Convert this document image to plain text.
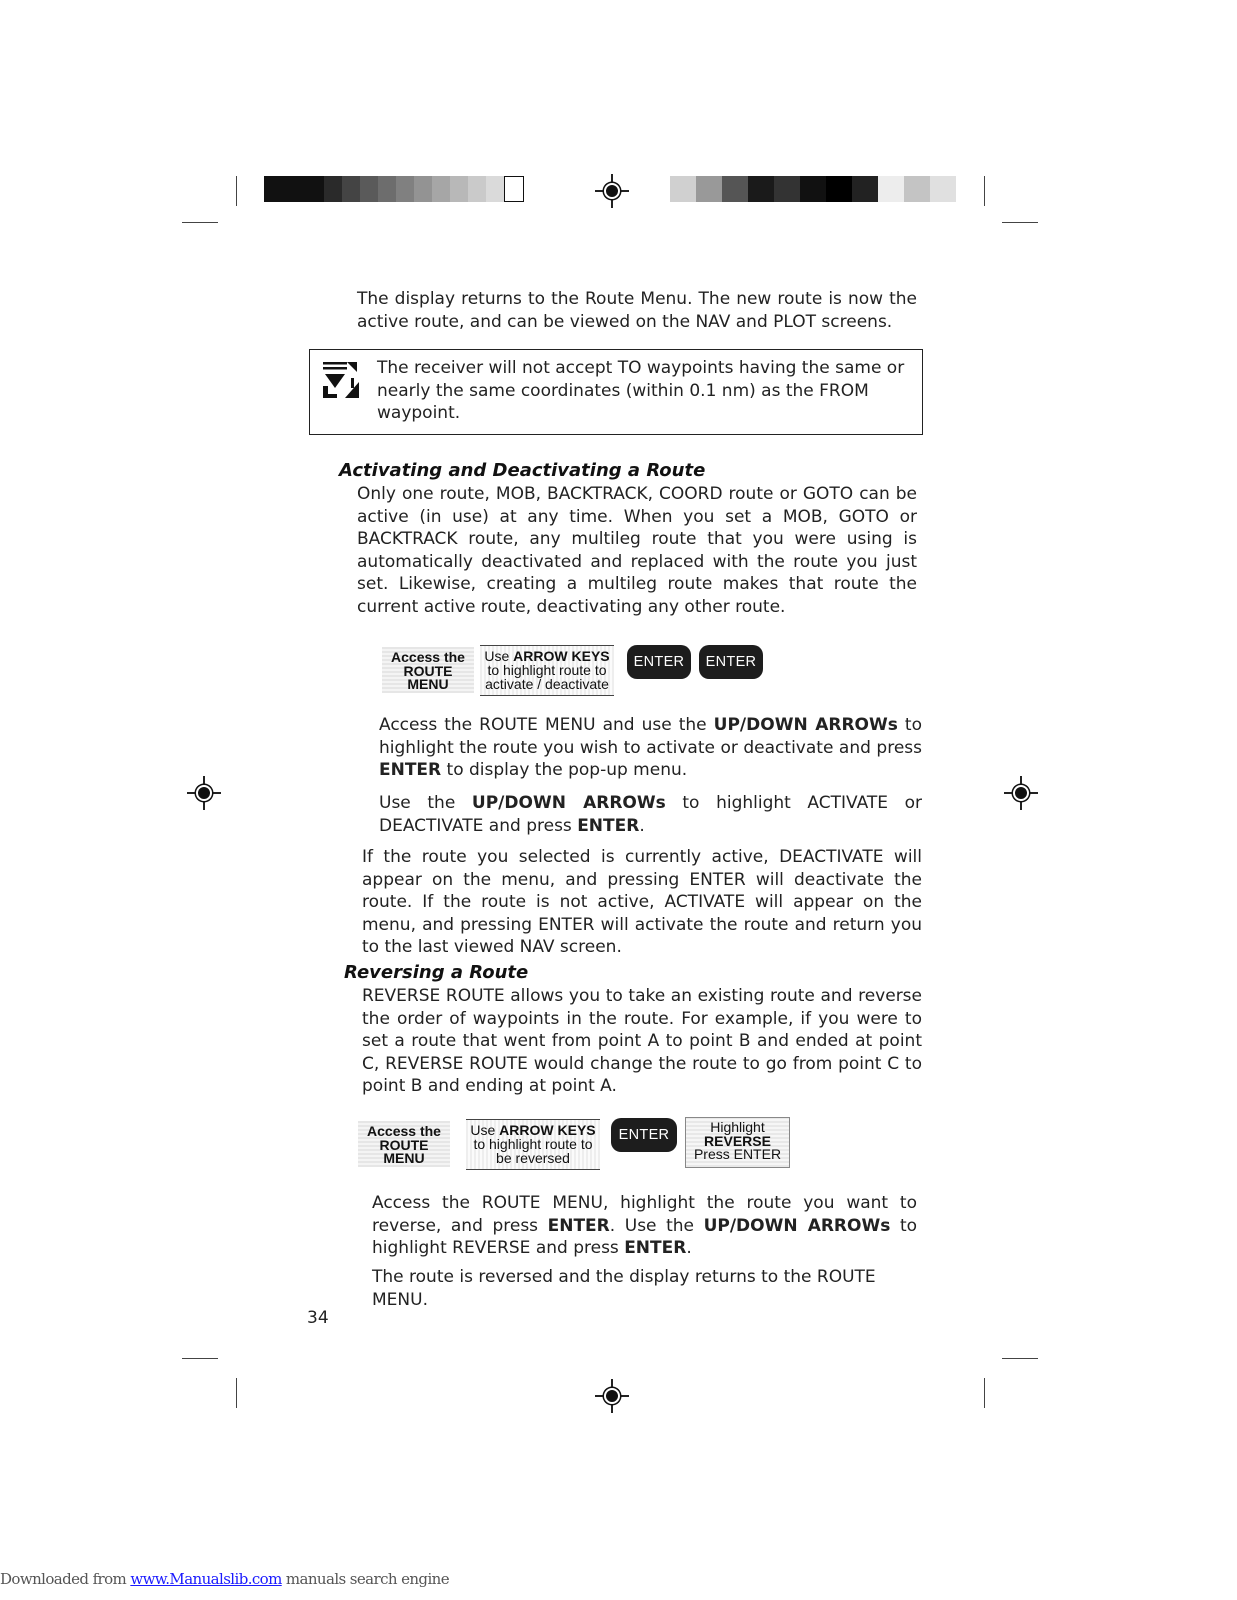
The display returns to the Route Menu. The new route is now the active route, and can be viewed on the NAV and PLOT screens.

The receiver will not accept TO waypoints having the same or nearly the same coordinates (within 0.1 nm) as the FROM waypoint.

Activating and Deactivating a Route

Only one route, MOB, BACKTRACK, COORD route or GOTO can be active (in use) at any time. When you set a MOB, GOTO or BACKTRACK route, any multileg route that you were using is automatically deactivated and replaced with the route you just set. Likewise, creating a multileg route makes that route the current active route, deactivating any other route.

Access the
ROUTE
MENU
Use ARROW KEYS
to highlight route to
activate / deactivate
ENTER	ENTER

Access the ROUTE MENU and use the UP/DOWN ARROWs to highlight the route you wish to activate or deactivate and press ENTER to display the pop-up menu.

Use the UP/DOWN ARROWs to highlight ACTIVATE or DEACTIVATE and press ENTER.

If the route you selected is currently active, DEACTIVATE will appear on the menu, and pressing ENTER will deactivate the route. If the route is not active, ACTIVATE will appear on the menu, and pressing ENTER will activate the route and return you to the last viewed NAV screen.

Reversing a Route

REVERSE ROUTE allows you to take an existing route and reverse the order of waypoints in the route. For example, if you were to set a route that went from point A to point B and ended at point C, REVERSE ROUTE would change the route to go from point C to point B and ending at point A.

Access the
ROUTE
MENU
Use ARROW KEYS
to highlight route to
be reversed
ENTER	Highlight
REVERSE
Press ENTER

Access the ROUTE MENU, highlight the route you want to reverse, and press ENTER. Use the UP/DOWN ARROWs to highlight REVERSE and press ENTER.

The route is reversed and the display returns to the ROUTE MENU.

34
Downloaded from www.Manualslib.com manuals search engine
